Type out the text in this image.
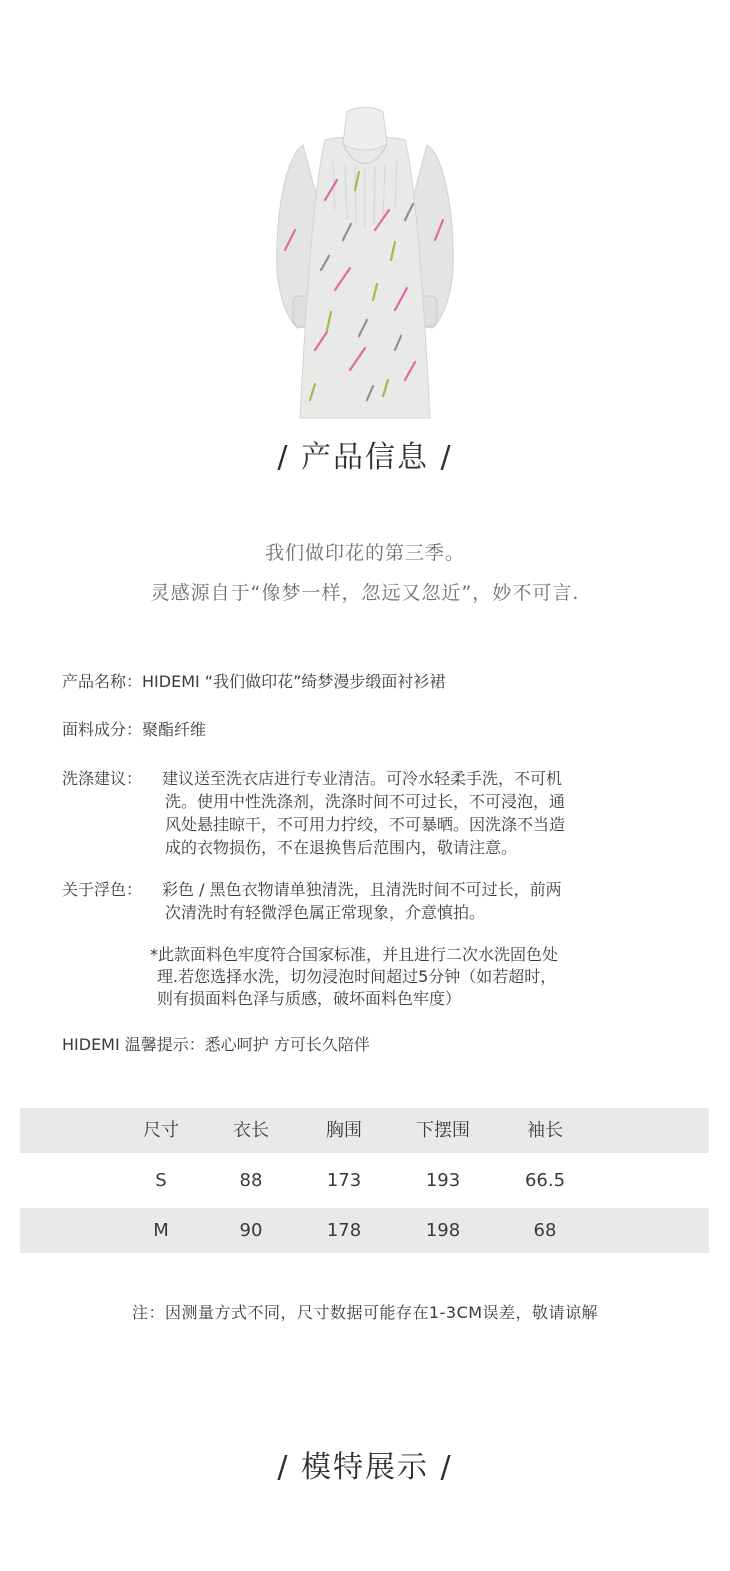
/ 产品信息 /
我们做印花的第三季。
灵感源自于“像梦一样，忽远又忽近”，妙不可言.
产品名称：HIDEMI “我们做印花”绮梦漫步缎面衬衫裙
面料成分：聚酯纤维
洗涤建议： 建议送至洗衣店进行专业清洁。可冷水轻柔手洗，不可机
洗。使用中性洗涤剂，洗涤时间不可过长，不可浸泡，通
风处悬挂晾干，不可用力拧绞，不可暴晒。因洗涤不当造
成的衣物损伤，不在退换售后范围内，敬请注意。
关于浮色： 彩色 / 黑色衣物请单独清洗，且清洗时间不可过长，前两
次清洗时有轻微浮色属正常现象，介意慎拍。
*此款面料色牢度符合国家标准，并且进行二次水洗固色处
理.若您选择水洗，切勿浸泡时间超过5分钟（如若超时，
则有损面料色泽与质感，破坏面料色牢度）
HIDEMI 温馨提示：悉心呵护 方可长久陪伴
尺寸	衣长	胸围	下摆围	袖长
S	88	173	193	66.5
M	90	178	198	68
注：因测量方式不同，尺寸数据可能存在1-3CM误差，敬请谅解
/ 模特展示 /
